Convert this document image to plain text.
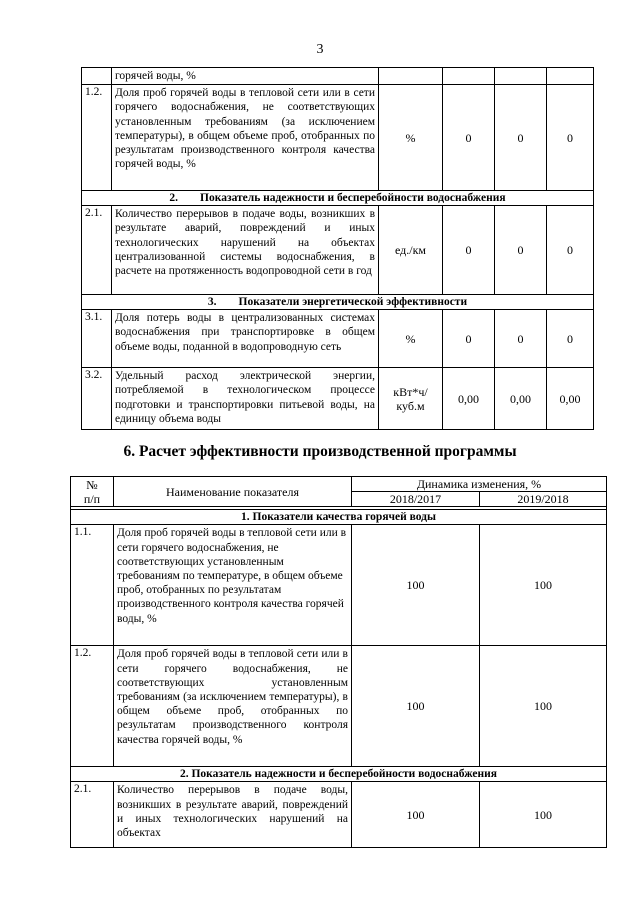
3
	горячей воды, %				
1.2.	Доля проб горячей воды в тепловой сети или в сети горячего водоснабжения, не соответствующих установленным требованиям (за исключением температуры), в общем объеме проб, отобранных по результатам производственного контроля качества горячей воды, %	%	0	0	0
2. Показатель надежности и бесперебойности водоснабжения					
2.1.	Количество перерывов в подаче воды, возникших в результате аварий, повреждений и иных технологических нарушений на объектах централизованной системы водоснабжения, в расчете на протяженность водопроводной сети в год	ед./км	0	0	0
3. Показатели энергетической эффективности					
3.1.	Доля потерь воды в централизованных системах водоснабжения при транспортировке в общем объеме воды, поданной в водопроводную сеть	%	0	0	0
3.2.	Удельный расход электрической энергии, потребляемой в технологическом процессе подготовки и транспортировки питьевой воды, на единицу объема воды	кВт*ч/
куб.м	0,00	0,00	0,00
6. Расчет эффективности производственной программы
№
п/п	Наименование показателя	Динамика изменения, %	
		2018/2017	2019/2018

1. Показатели качества горячей воды			
1.1.	Доля проб горячей воды в тепловой сети или в сети горячего водоснабжения, не соответствующих установленным требованиям по температуре, в общем объеме проб, отобранных по результатам производственного контроля качества горячей воды, %	100	100
1.2.	Доля проб горячей воды в тепловой сети или в сети горячего водоснабжения, не соответствующих установленным требованиям (за исключением температуры), в общем объеме проб, отобранных по результатам производственного контроля качества горячей воды, %	100	100
2. Показатель надежности и бесперебойности водоснабжения			
2.1.	Количество перерывов в подаче воды, возникших в результате аварий, повреждений и иных технологических нарушений на объектах	100	100
